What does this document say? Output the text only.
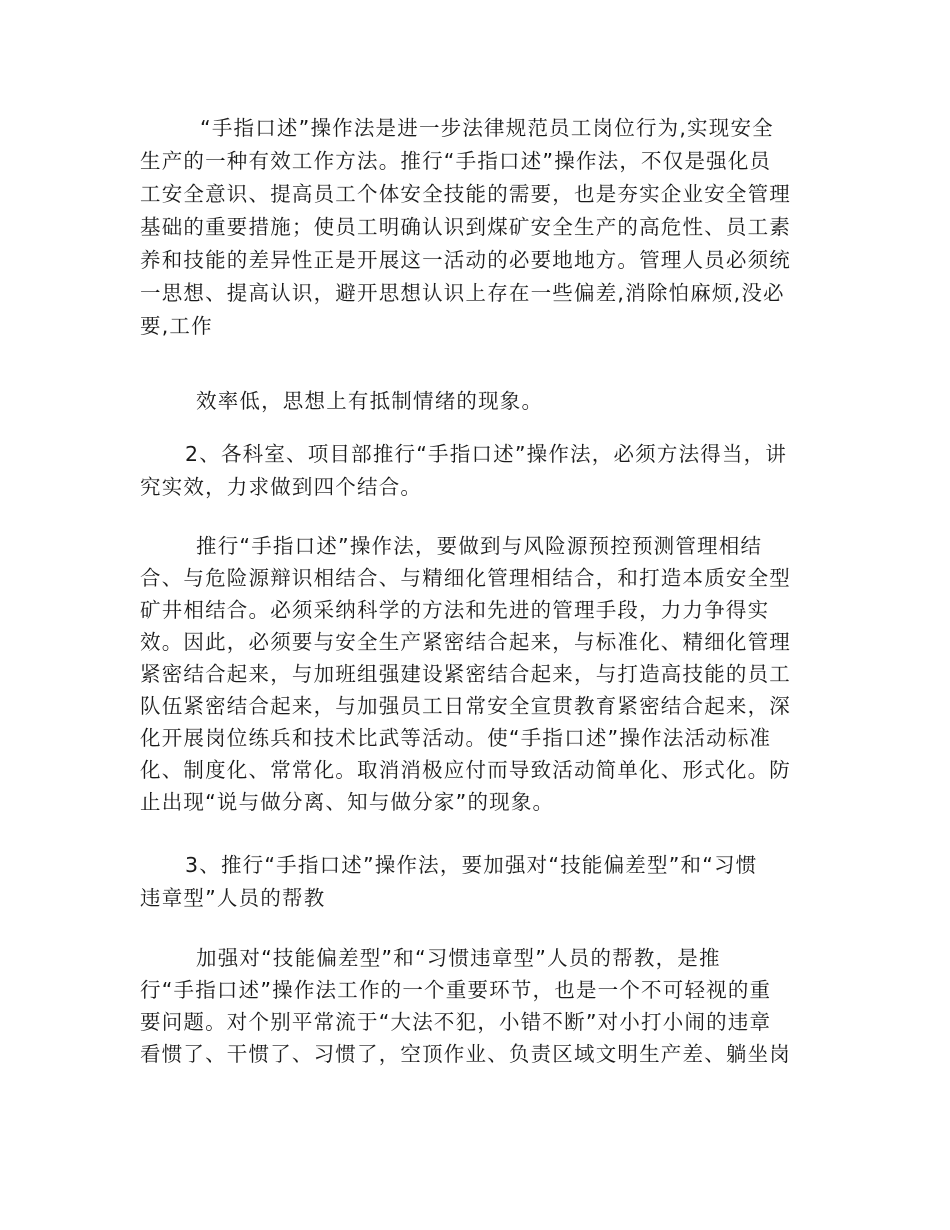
“手指口述”操作法是进一步法律规范员工岗位行为,实现安全
生产的一种有效工作方法。推行“手指口述”操作法，不仅是强化员
工安全意识、提高员工个体安全技能的需要，也是夯实企业安全管理
基础的重要措施；使员工明确认识到煤矿安全生产的高危性、员工素
养和技能的差异性正是开展这一活动的必要地地方。管理人员必须统
一思想、提高认识，避开思想认识上存在一些偏差,消除怕麻烦,没必
要,工作
效率低，思想上有抵制情绪的现象。
2、各科室、项目部推行“手指口述”操作法，必须方法得当，讲
究实效，力求做到四个结合。
推行“手指口述”操作法，要做到与风险源预控预测管理相结
合、与危险源辩识相结合、与精细化管理相结合，和打造本质安全型
矿井相结合。必须采纳科学的方法和先进的管理手段，力力争得实
效。因此，必须要与安全生产紧密结合起来，与标准化、精细化管理
紧密结合起来，与加班组强建设紧密结合起来，与打造高技能的员工
队伍紧密结合起来，与加强员工日常安全宣贯教育紧密结合起来，深
化开展岗位练兵和技术比武等活动。使“手指口述”操作法活动标准
化、制度化、常常化。取消消极应付而导致活动简单化、形式化。防
止出现“说与做分离、知与做分家”的现象。
3、推行“手指口述”操作法，要加强对“技能偏差型”和“习惯
违章型”人员的帮教
加强对“技能偏差型”和“习惯违章型”人员的帮教，是推
行“手指口述”操作法工作的一个重要环节，也是一个不可轻视的重
要问题。对个别平常流于“大法不犯，小错不断”对小打小闹的违章
看惯了、干惯了、习惯了，空顶作业、负责区域文明生产差、躺坐岗
